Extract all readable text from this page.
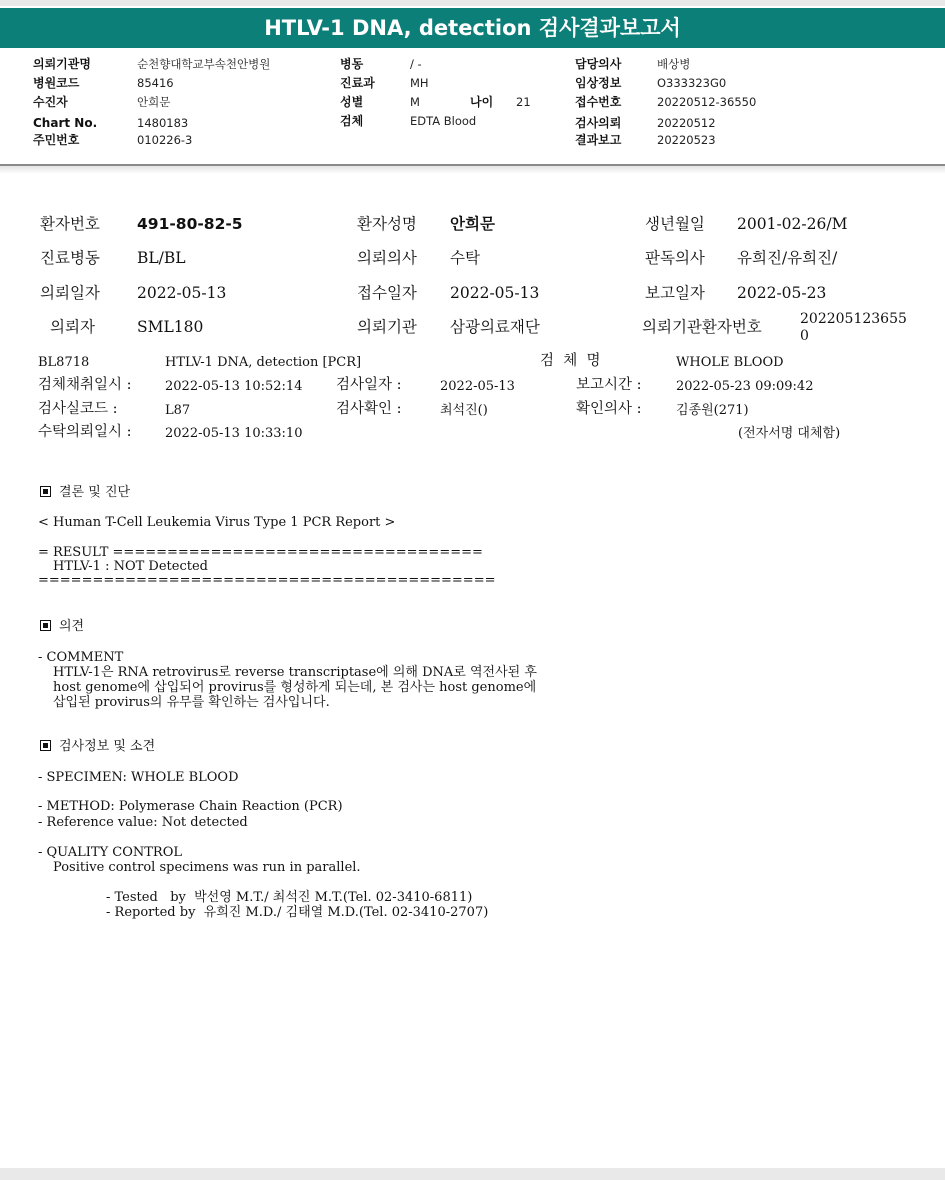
HTLV-1 DNA, detection 검사결과보고서
의뢰기관명	순천향대학교부속천안병원
병원코드	85416
수진자	안희문
Chart No.	1480183
주민번호	010226-3
병동	/ -
진료과	MH
성별	M	나이 21
검체	EDTA Blood
담당의사	배상병
임상정보	O333323G0
접수번호	20220512-36550
검사의뢰	20220512
결과보고	20220523
환자번호 491-80-82-5	환자성명 안희문	생년월일 2001-02-26/M
진료병동 BL/BL	의뢰의사 수탁	판독의사 유희진/유희진/
의뢰일자 2022-05-13	접수일자 2022-05-13	보고일자 2022-05-23
의뢰자	SML180	의뢰기관 삼광의료재단	의뢰기관환자번호	202205123655
0
BL8718	HTLV-1 DNA, detection [PCR]	검  체  명	WHOLE BLOOD
검체채취일시 :	2022-05-13 10:52:14 검사일자 :	2022-05-13	보고시간 :	2022-05-23 09:09:42
검사실코드 :	L87	검사확인 :	최석진()	확인의사 :	김종원(271)
수탁의뢰일시 :	2022-05-13 10:33:10	(전자서명 대체함)
결론 및 진단
< Human T-Cell Leukemia Virus Type 1 PCR Report >
= RESULT ==================================
HTLV-1 : NOT Detected
==========================================
의견
- COMMENT
HTLV-1은 RNA retrovirus로 reverse transcriptase에 의해 DNA로 역전사된 후
host genome에 삽입되어 provirus를 형성하게 되는데, 본 검사는 host genome에
삽입된 provirus의 유무를 확인하는 검사입니다.
검사정보 및 소견
- SPECIMEN: WHOLE BLOOD
- METHOD: Polymerase Chain Reaction (PCR)
- Reference value: Not detected
- QUALITY CONTROL
Positive control specimens was run in parallel.
- Tested   by  박선영 M.T./ 최석진 M.T.(Tel. 02-3410-6811)
- Reported by  유희진 M.D./ 김태열 M.D.(Tel. 02-3410-2707)
